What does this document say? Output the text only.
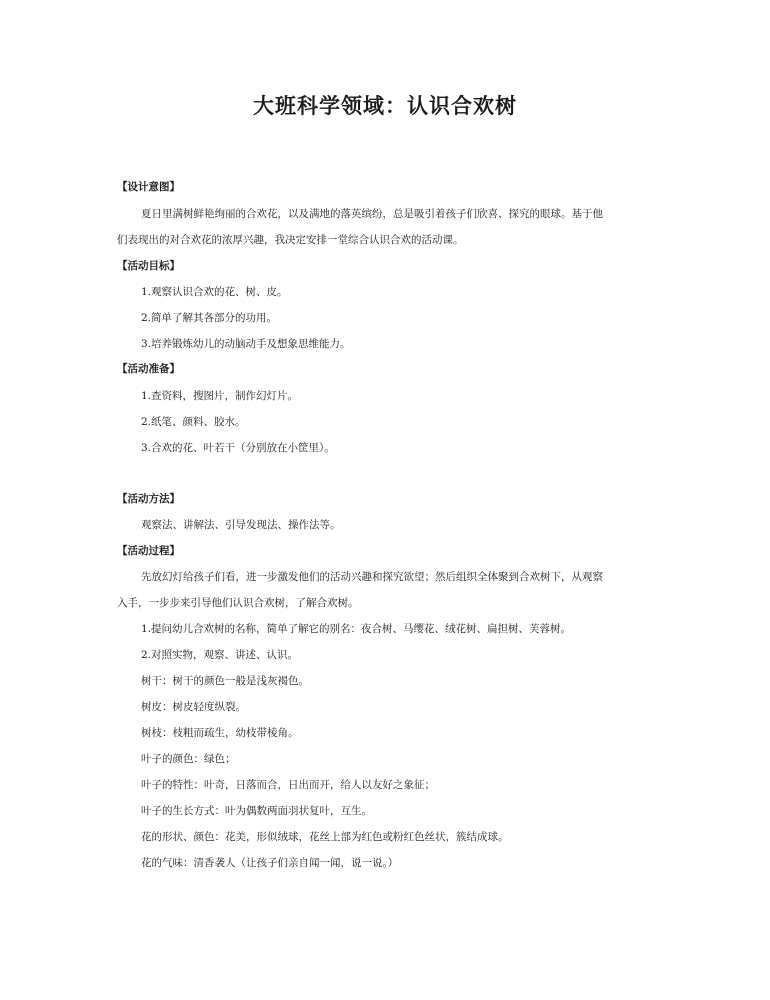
大班科学领域：认识合欢树
【设计意图】
夏日里满树鲜艳绚丽的合欢花，以及满地的落英缤纷，总是吸引着孩子们欣喜、探究的眼球。基于他
们表现出的对合欢花的浓厚兴趣，我决定安排一堂综合认识合欢的活动课。
【活动目标】
1.观察认识合欢的花、树、皮。
2.简单了解其各部分的功用。
3.培养锻炼幼儿的动脑动手及想象思维能力。
【活动准备】
1.查资料，搜图片，制作幻灯片。
2.纸笔、颜料、胶水。
3.合欢的花、叶若干（分别放在小筐里）。
【活动方法】
观察法、讲解法、引导发现法、操作法等。
【活动过程】
先放幻灯给孩子们看，进一步激发他们的活动兴趣和探究欲望；然后组织全体聚到合欢树下，从观察
入手，一步步来引导他们认识合欢树，了解合欢树。
1.提问幼儿合欢树的名称，简单了解它的别名：夜合树、马缨花、绒花树、扁担树、芙蓉树。
2.对照实物，观察、讲述、认识。
树干：树干的颜色一般是浅灰褐色。
树皮：树皮轻度纵裂。
树枝：枝粗而疏生，幼枝带棱角。
叶子的颜色：绿色；
叶子的特性：叶奇，日落而合，日出而开，给人以友好之象征；
叶子的生长方式：叶为偶数两面羽状复叶，互生。
花的形状、颜色：花美，形似绒球，花丝上部为红色或粉红色丝状，簇结成球。
花的气味：清香袭人（让孩子们亲自闻一闻，说一说。）
